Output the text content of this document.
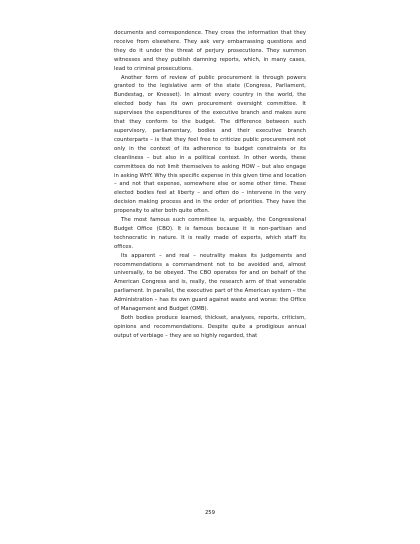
documents and correspondence. They cross the information that they receive from elsewhere. They ask very embarrassing questions and they do it under the threat of perjury prosecutions. They summon witnesses and they publish damning reports, which, in many cases, lead to criminal prosecutions.

Another form of review of public procurement is through powers granted to the legislative arm of the state (Congress, Parliament, Bundestag, or Knesset). In almost every country in the world, the elected body has its own procurement oversight committee. It supervises the expenditures of the executive branch and makes sure that they conform to the budget. The difference between such supervisory, parliamentary, bodies and their executive branch counterparts – is that they feel free to criticize public procurement not only in the context of its adherence to budget constraints or its cleanliness – but also in a political context. In other words, these committees do not limit themselves to asking HOW – but also engage in asking WHY. Why this specific expense in this given time and location – and not that expense, somewhere else or some other time. These elected bodies feel at liberty – and often do – intervene in the very decision making process and in the order of priorities. They have the propensity to alter both quite often.

The most famous such committee is, arguably, the Congressional Budget Office (CBO). It is famous because it is non-partisan and technocratic in nature. It is really made of experts, which staff its offices.

Its apparent – and real – neutrality makes its judgements and recommendations a commandment not to be avoided and, almost universally, to be obeyed. The CBO operates for and on behalf of the American Congress and is, really, the research arm of that venerable parliament. In parallel, the executive part of the American system – the Administration – has its own guard against waste and worse: the Office of Management and Budget (OMB).

Both bodies produce learned, thickset, analyses, reports, criticism, opinions and recommendations. Despite quite a prodigious annual output of verbiage – they are so highly regarded, that

259
